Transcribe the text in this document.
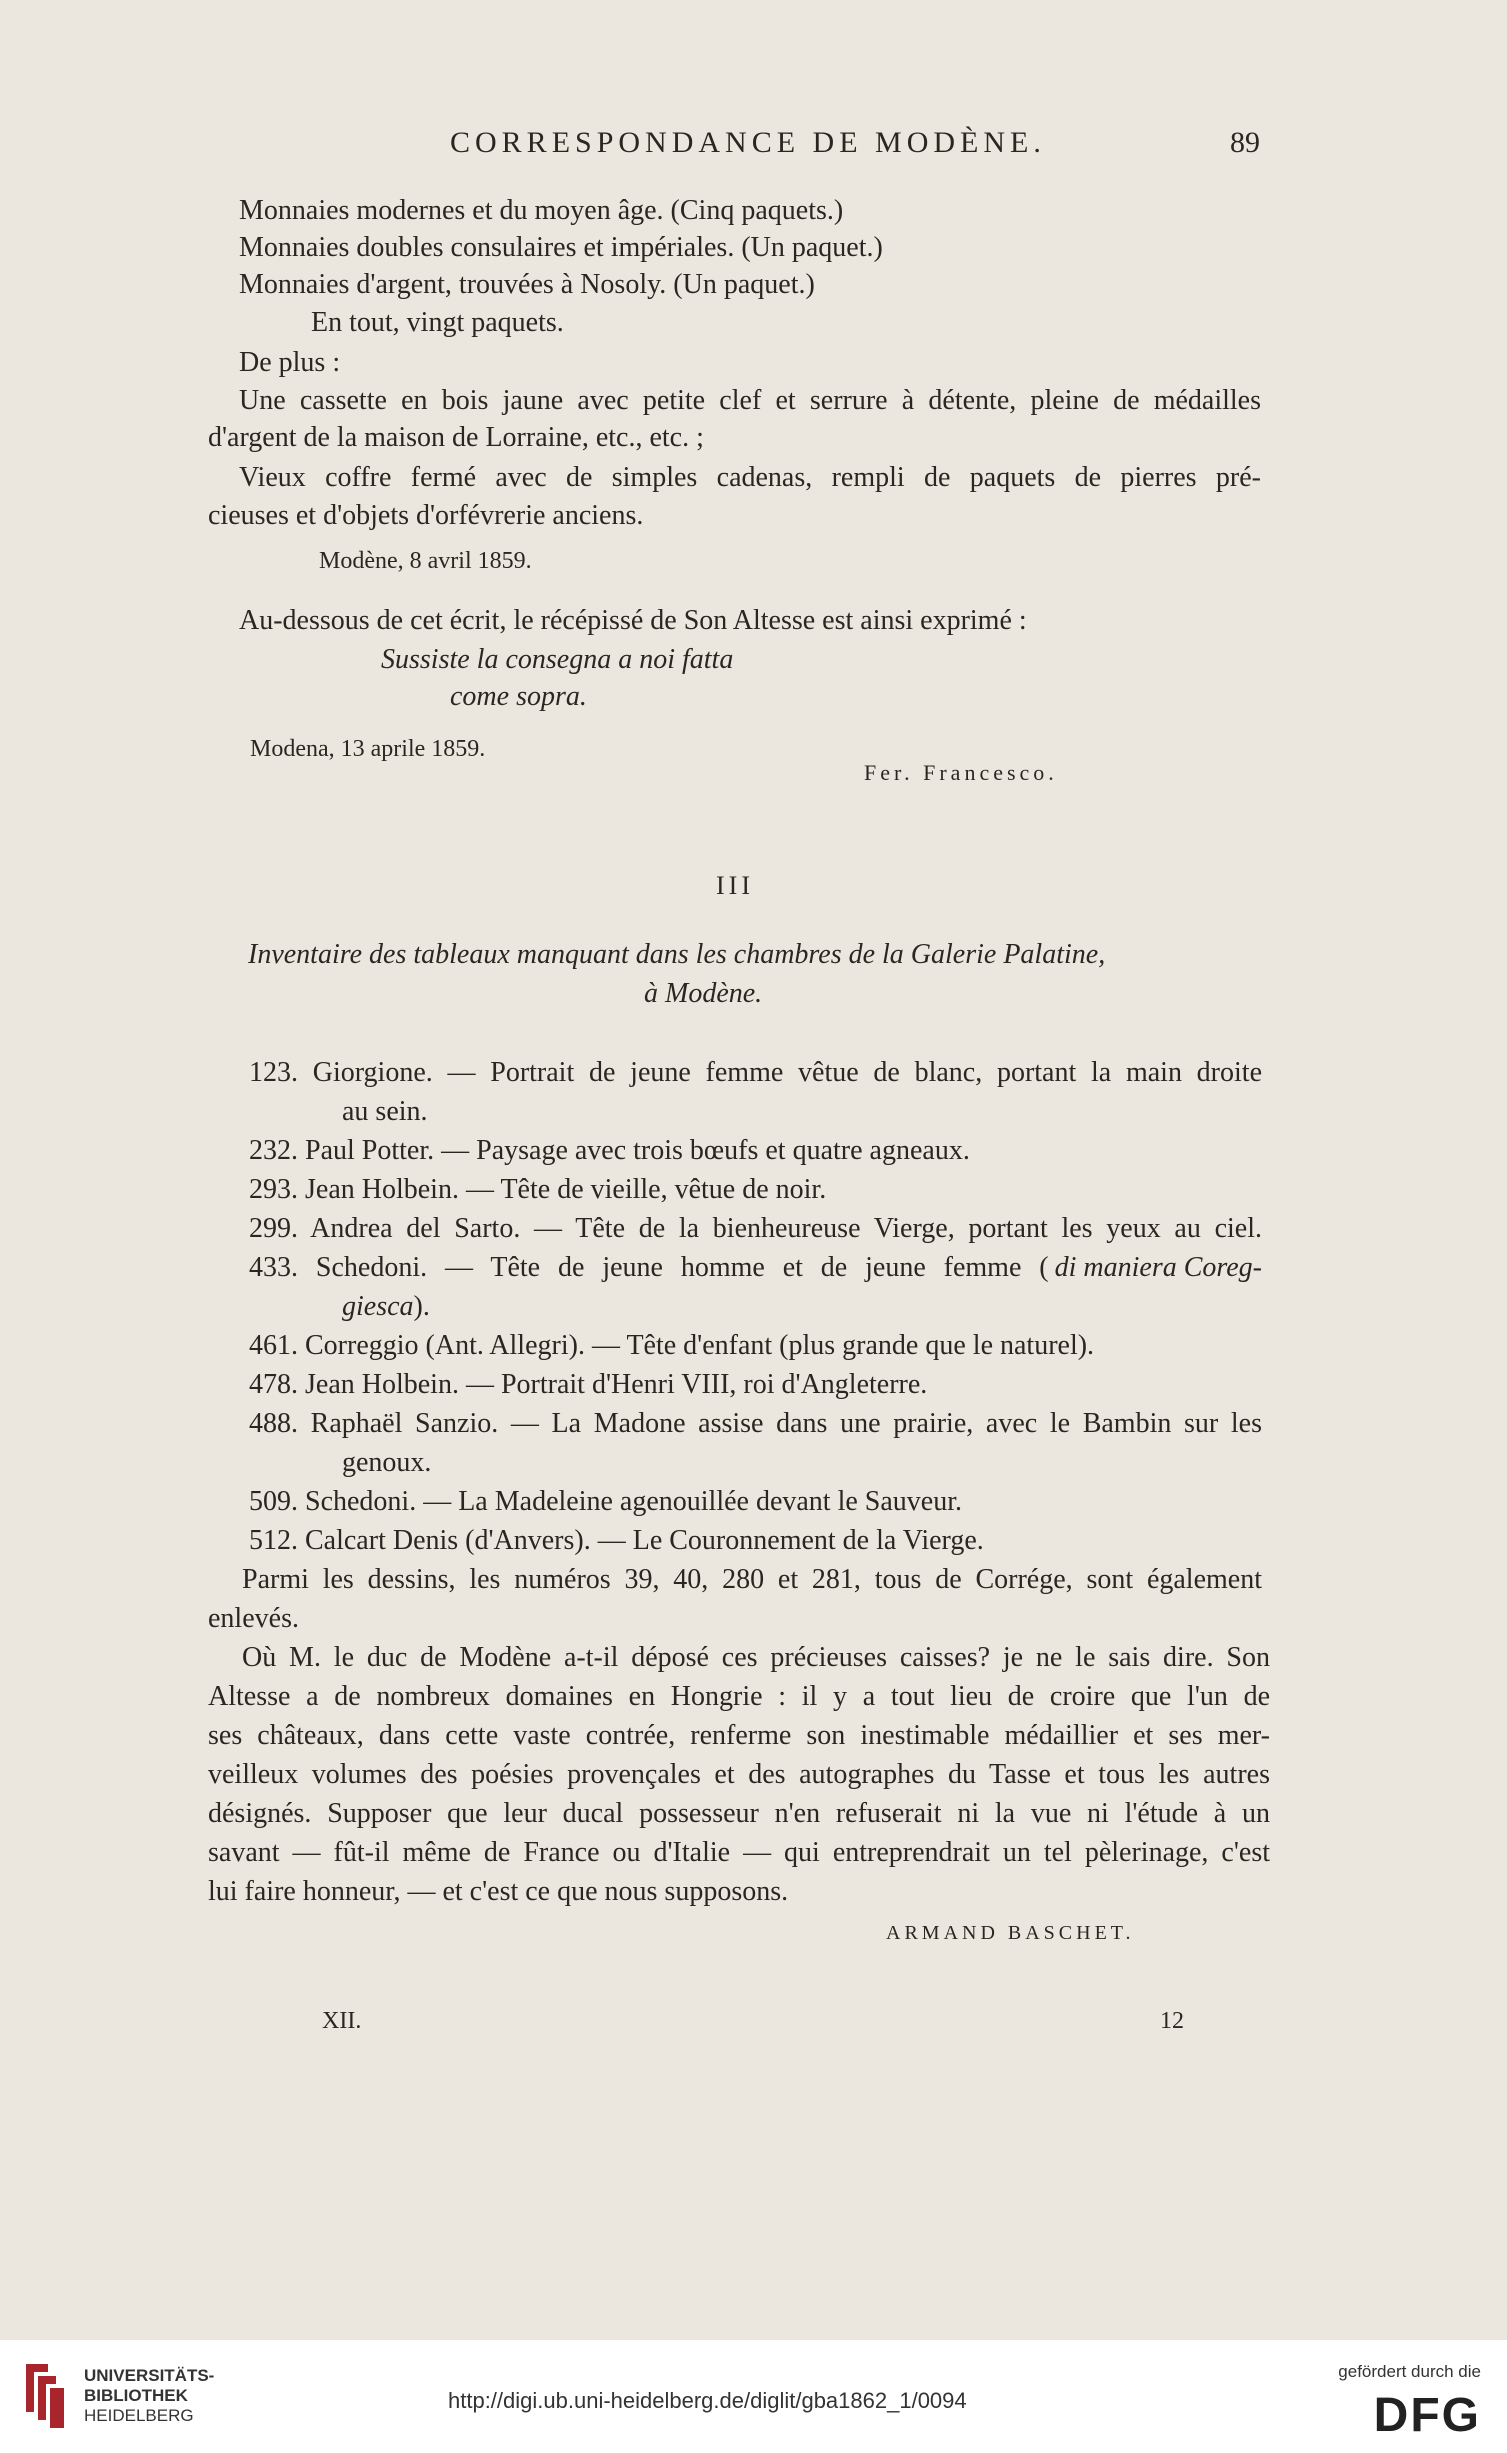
CORRESPONDANCE DE MODÈNE.	89
Monnaies modernes et du moyen âge. (Cinq paquets.)
Monnaies doubles consulaires et impériales. (Un paquet.)
Monnaies d'argent, trouvées à Nosoly. (Un paquet.)
En tout, vingt paquets.
De plus :
Une cassette en bois jaune avec petite clef et serrure à détente, pleine de médailles
d'argent de la maison de Lorraine, etc., etc. ;
Vieux coffre fermé avec de simples cadenas, rempli de paquets de pierres pré-
cieuses et d'objets d'orfévrerie anciens.
Modène, 8 avril 1859.
Au-dessous de cet écrit, le récépissé de Son Altesse est ainsi exprimé :
Sussiste la consegna a noi fatta
come sopra.
Modena, 13 aprile 1859.
Fer. Francesco.
III
Inventaire des tableaux manquant dans les chambres de la Galerie Palatine,
à Modène.
123. Giorgione. — Portrait de jeune femme vêtue de blanc, portant la main droite
au sein.
232. Paul Potter. — Paysage avec trois bœufs et quatre agneaux.
293. Jean Holbein. — Tête de vieille, vêtue de noir.
299. Andrea del Sarto. — Tête de la bienheureuse Vierge, portant les yeux au ciel.
433. Schedoni. — Tête de jeune homme et de jeune femme ( di maniera Coreg-
giesca).
461. Correggio (Ant. Allegri). — Tête d'enfant (plus grande que le naturel).
478. Jean Holbein. — Portrait d'Henri VIII, roi d'Angleterre.
488. Raphaël Sanzio. — La Madone assise dans une prairie, avec le Bambin sur les
genoux.
509. Schedoni. — La Madeleine agenouillée devant le Sauveur.
512. Calcart Denis (d'Anvers). — Le Couronnement de la Vierge.
Parmi les dessins, les numéros 39, 40, 280 et 281, tous de Corrége, sont également
enlevés.
Où M. le duc de Modène a-t-il déposé ces précieuses caisses? je ne le sais dire. Son
Altesse a de nombreux domaines en Hongrie : il y a tout lieu de croire que l'un de
ses châteaux, dans cette vaste contrée, renferme son inestimable médaillier et ses mer-
veilleux volumes des poésies provençales et des autographes du Tasse et tous les autres
désignés. Supposer que leur ducal possesseur n'en refuserait ni la vue ni l'étude à un
savant — fût-il même de France ou d'Italie — qui entreprendrait un tel pèlerinage, c'est
lui faire honneur, — et c'est ce que nous supposons.
ARMAND BASCHET.
XII.	12
UNIVERSITÄTS-
BIBLIOTHEK
HEIDELBERG
http://digi.ub.uni-heidelberg.de/diglit/gba1862_1/0094
gefördert durch die
DFG
